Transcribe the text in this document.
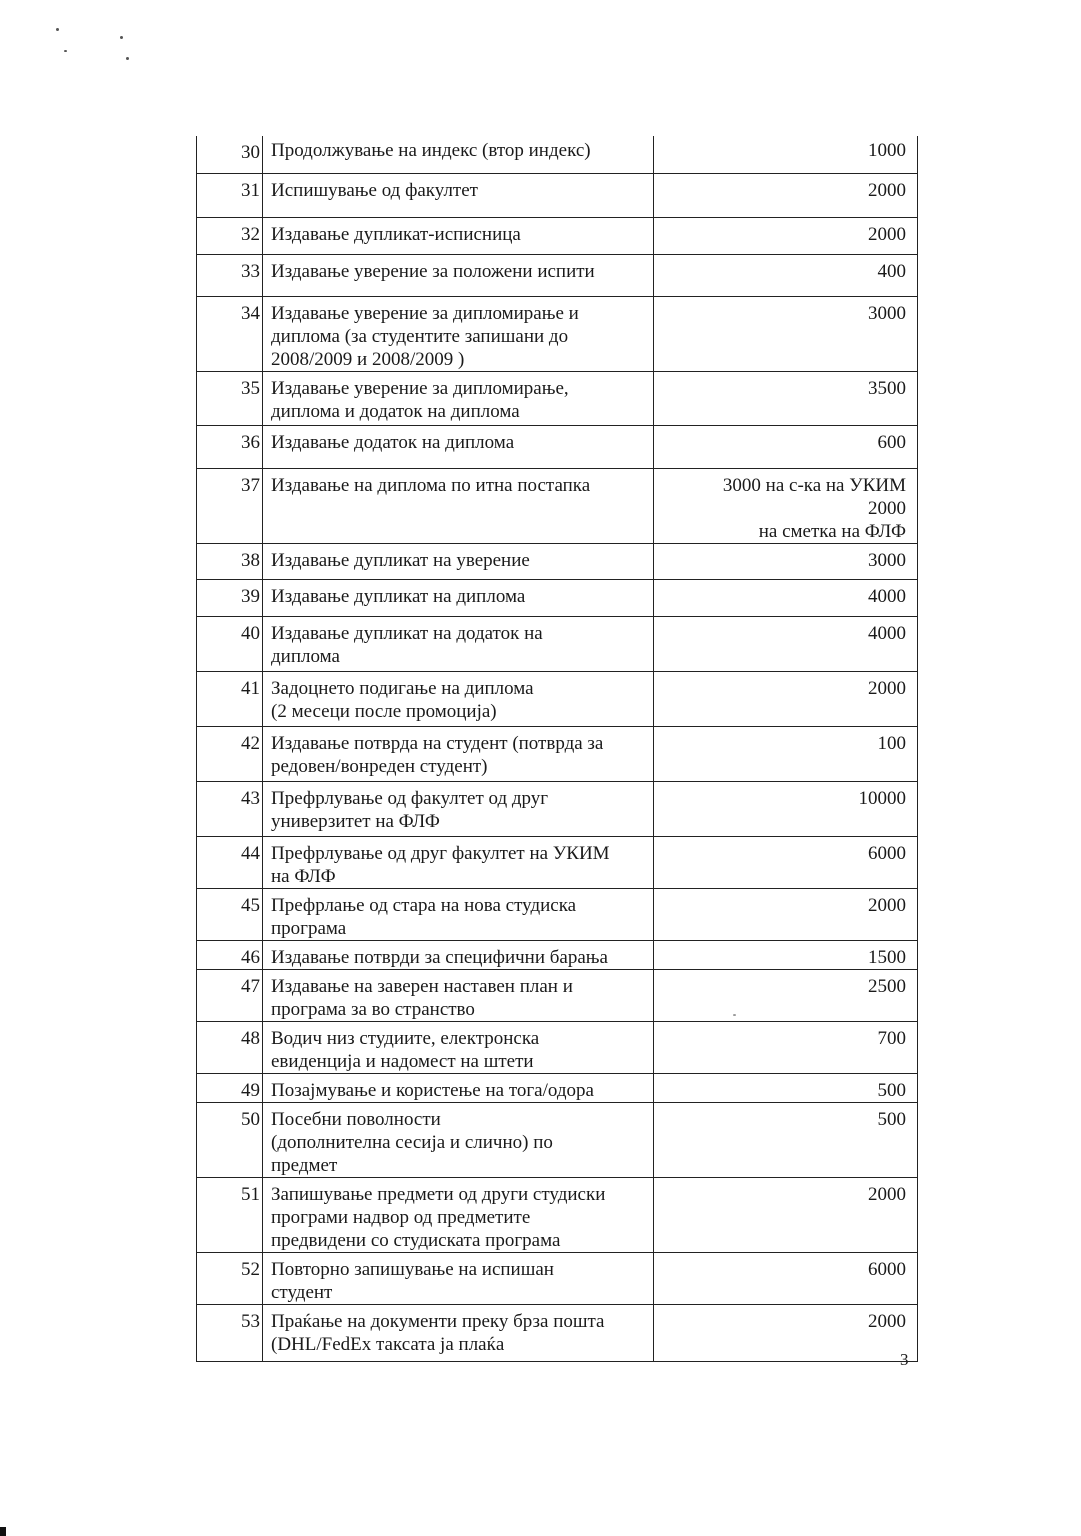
30	Продолжување на индекс (втор индекс)	1000
31	Испишување од факултет	2000
32	Издавање дупликат-исписница	2000
33	Издавање уверение за положени испити	400
34	Издавање уверение за дипломирање и
диплома (за студентите запишани до
2008/2009 и 2008/2009 )	3000
35	Издавање уверение за дипломирање,
диплома и додаток на диплома	3500
36	Издавање додаток на диплома	600
37	Издавање на диплома по итна постапка	3000 на с-ка на УКИМ
2000
на сметка на ФЛФ
38	Издавање дупликат на уверение	3000
39	Издавање дупликат на диплома	4000
40	Издавање дупликат на додаток на
диплома	4000
41	Задоцнето подигање на диплома
(2 месеци после промоција)	2000
42	Издавање потврда на студент (потврда за
редовен/вонреден студент)	100
43	Префрлување од факултет од друг
универзитет на ФЛФ	10000
44	Префрлување од друг факултет на УКИМ
на ФЛФ	6000
45	Префрлање од стара на нова студиска
програма	2000
46	Издавање потврди за специфични барања	1500
47	Издавање на заверен наставен план и
програма за во странство	2500
48	Водич низ студиите, електронска
евиденција и надомест на штети	700
49	Позајмување и користење на тога/одора	500
50	Посебни поволности
(дополнителна сесија и слично) по
предмет	500
51	Запишување предмети од други студиски
програми надвор од предметите
предвидени со студиската програма	2000
52	Повторно запишување на испишан
студент	6000
53	Праќање на документи преку брза пошта
(DHL/FedEx таксата ја плаќа	2000
3
